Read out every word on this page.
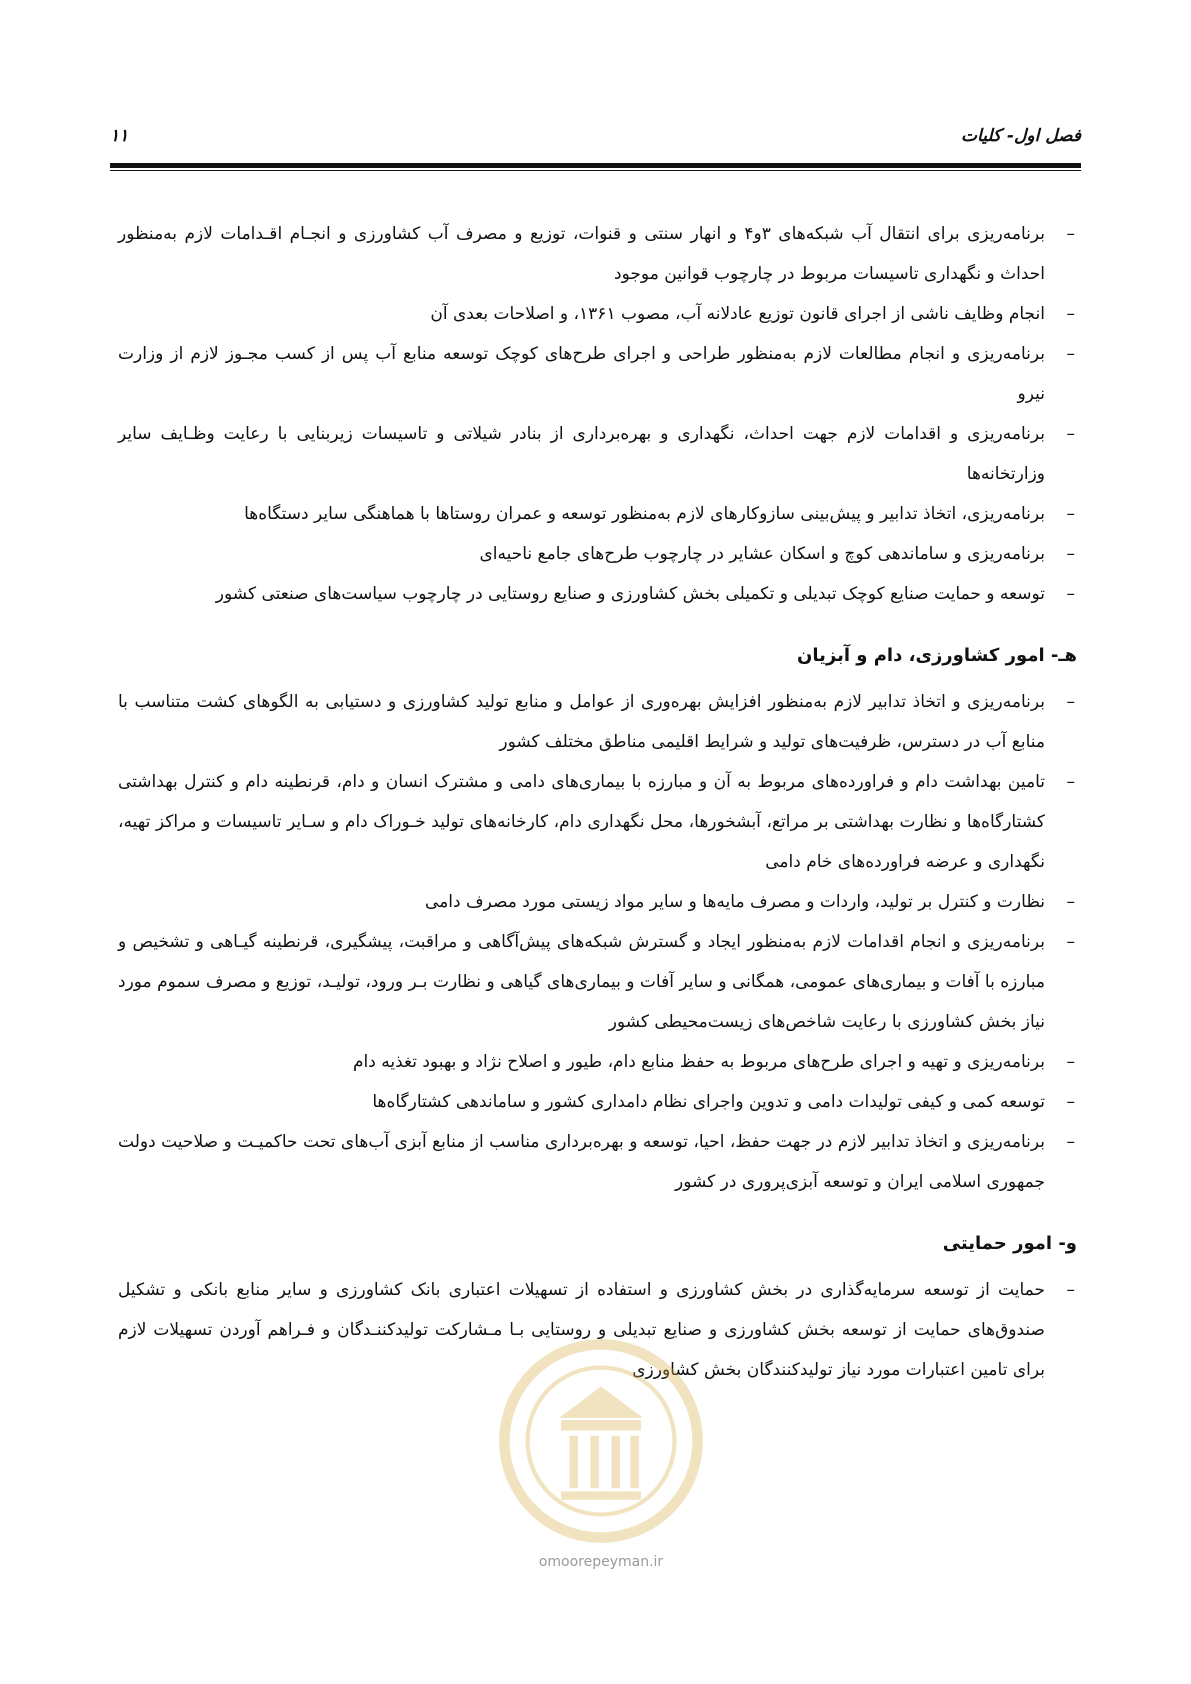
فصل اول- کلیات
۱۱
–
برنامه‌ریزی برای انتقال آب شبکه‌های ۳و۴ و انهار سنتی و قنوات، توزیع و مصرف آب کشاورزی و انجـام اقـدامات لازم به‌منظور احداث و نگهداری تاسیسات مربوط در چارچوب قوانین موجود
–
انجام وظایف ناشی از اجرای قانون توزیع عادلانه آب، مصوب ۱۳۶۱، و اصلاحات بعدی آن
–
برنامه‌ریزی و انجام مطالعات لازم به‌منظور طراحی و اجرای طرح‌های کوچک توسعه منابع آب پس از کسب مجـوز لازم از وزارت نیرو
–
برنامه‌ریزی و اقدامات لازم جهت احداث، نگهداری و بهره‌برداری از بنادر شیلاتی و تاسیسات زیربنایی با رعایت وظـایف سایر وزارتخانه‌ها
–
برنامه‌ریزی، اتخاذ تدابیر و پیش‌بینی سازوکارهای لازم به‌منظور توسعه و عمران روستاها با هماهنگی سایر دستگاه‌ها
–
برنامه‌ریزی و ساماندهی کوچ و اسکان عشایر در چارچوب طرح‌های جامع ناحیه‌ای
–
توسعه و حمایت صنایع کوچک تبدیلی و تکمیلی بخش کشاورزی و صنایع روستایی در چارچوب سیاست‌های صنعتی کشور
هـ- امور کشاورزی، دام و آبزیان
–
برنامه‌ریزی و اتخاذ تدابیر لازم به‌منظور افزایش بهره‌وری از عوامل و منابع تولید کشاورزی و دستیابی به الگوهای کشت متناسب با منابع آب در دسترس، ظرفیت‌های تولید و شرایط اقلیمی مناطق مختلف کشور
–
تامین بهداشت دام و فراورده‌های مربوط به آن و مبارزه با بیماری‌های دامی و مشترک انسان و دام، قرنطینه دام و کنترل بهداشتی کشتارگاه‌ها و نظارت بهداشتی بر مراتع، آبشخورها، محل نگهداری دام، کارخانه‌های تولید خـوراک دام و سـایر تاسیسات و مراکز تهیه، نگهداری و عرضه فراورده‌های خام دامی
–
نظارت و کنترل بر تولید، واردات و مصرف مایه‌ها و سایر مواد زیستی مورد مصرف دامی
–
برنامه‌ریزی و انجام اقدامات لازم به‌منظور ایجاد و گسترش شبکه‌های پیش‌آگاهی و مراقبت، پیشگیری، قرنطینه گیـاهی و تشخیص و مبارزه با آفات و بیماری‌های عمومی، همگانی و سایر آفات و بیماری‌های گیاهی و نظارت بـر ورود، تولیـد، توزیع و مصرف سموم مورد نیاز بخش کشاورزی با رعایت شاخص‌های زیست‌محیطی کشور
–
برنامه‌ریزی و تهیه و اجرای طرح‌های مربوط به حفظ منابع دام، طیور و اصلاح نژاد و بهبود تغذیه دام
–
توسعه کمی و کیفی تولیدات دامی و تدوین واجرای نظام دامداری کشور و ساماندهی کشتارگاه‌ها
–
برنامه‌ریزی و اتخاذ تدابیر لازم در جهت حفظ، احیا، توسعه و بهره‌برداری مناسب از منابع آبزی آب‌های تحت حاکمیـت و صلاحیت دولت جمهوری اسلامی ایران و توسعه آبزی‌پروری در کشور
و- امور حمایتی
–
حمایت از توسعه سرمایه‌گذاری در بخش کشاورزی و استفاده از تسهیلات اعتباری بانک کشاورزی و سایر منابع بانکی و تشکیل صندوق‌های حمایت از توسعه بخش کشاورزی و صنایع تبدیلی و روستایی بـا مـشارکت تولیدکننـدگان و فـراهم آوردن تسهیلات لازم برای تامین اعتبارات مورد نیاز تولیدکنندگان بخش کشاورزی
omoorepeyman.ir
